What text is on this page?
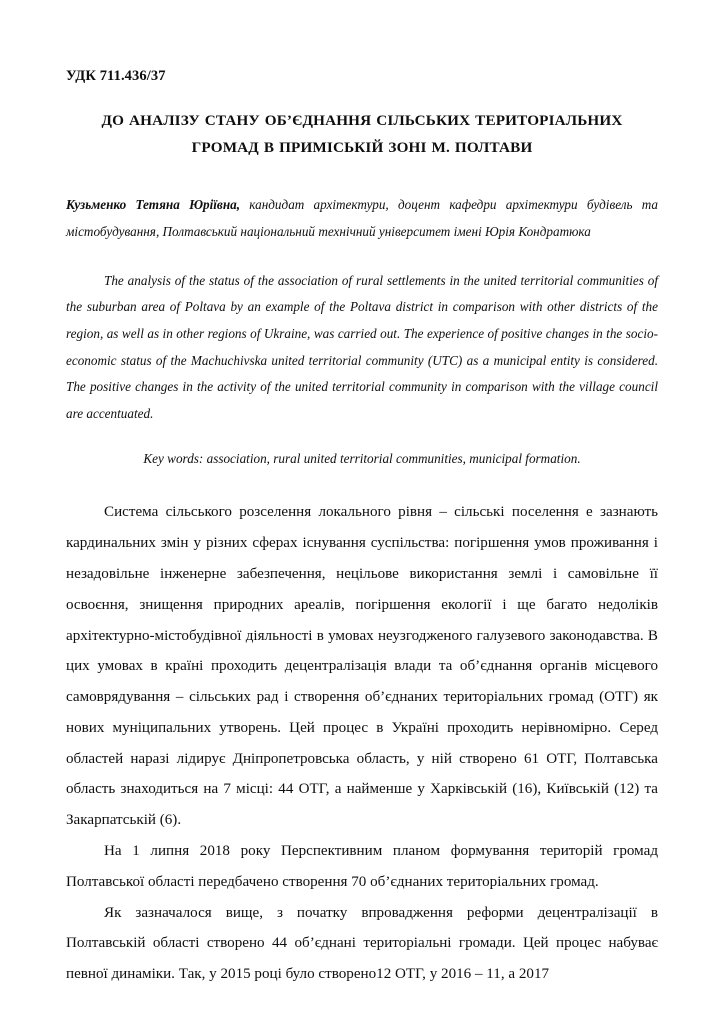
УДК 711.436/37

ДО АНАЛІЗУ СТАНУ ОБ’ЄДНАННЯ СІЛЬСЬКИХ ТЕРИТОРІАЛЬНИХ
ГРОМАД В ПРИМІСЬКІЙ ЗОНІ М. ПОЛТАВИ

Кузьменко Тетяна Юріївна, кандидат архітектури, доцент кафедри архітектури будівель та містобудування, Полтавський національний технічний університет імені Юрія Кондратюка

The analysis of the status of the association of rural settlements in the united territorial communities of the suburban area of Poltava by an example of the Poltava district in comparison with other districts of the region, as well as in other regions of Ukraine, was carried out. The experience of positive changes in the socio-economic status of the Machuchivska united territorial community (UTC) as a municipal entity is considered. The positive changes in the activity of the united territorial community in comparison with the village council are accentuated.

Key words: association, rural united territorial communities, municipal formation.

Система сільського розселення локального рівня – сільські поселення е зазнають кардинальних змін у різних сферах існування суспільства: погіршення умов проживання і незадовільне інженерне забезпечення, нецільове використання землі і самовільне її освоєння, знищення природних ареалів, погіршення екології і ще багато недоліків архітектурно-містобудівної діяльності в умовах неузгодженого галузевого законодавства. В цих умовах в країні проходить децентралізація влади та об’єднання органів місцевого самоврядування – сільських рад і створення об’єднаних територіальних громад (ОТГ) як нових муніципальних утворень. Цей процес в Україні проходить нерівномірно. Серед областей наразі лідирує Дніпропетровська область, у ній створено 61 ОТГ, Полтавська область знаходиться на 7 місці: 44 ОТГ, а найменше у Харківській (16), Київській (12) та Закарпатській (6).

На 1 липня 2018 року Перспективним планом формування територій громад Полтавської області передбачено створення 70 об’єднаних територіальних громад.

Як зазначалося вище, з початку впровадження реформи децентралізації в Полтавській області створено 44 об’єднані територіальні громади. Цей процес набуває певної динаміки. Так, у 2015 році було створено12 ОТГ, у 2016 – 11, а 2017
